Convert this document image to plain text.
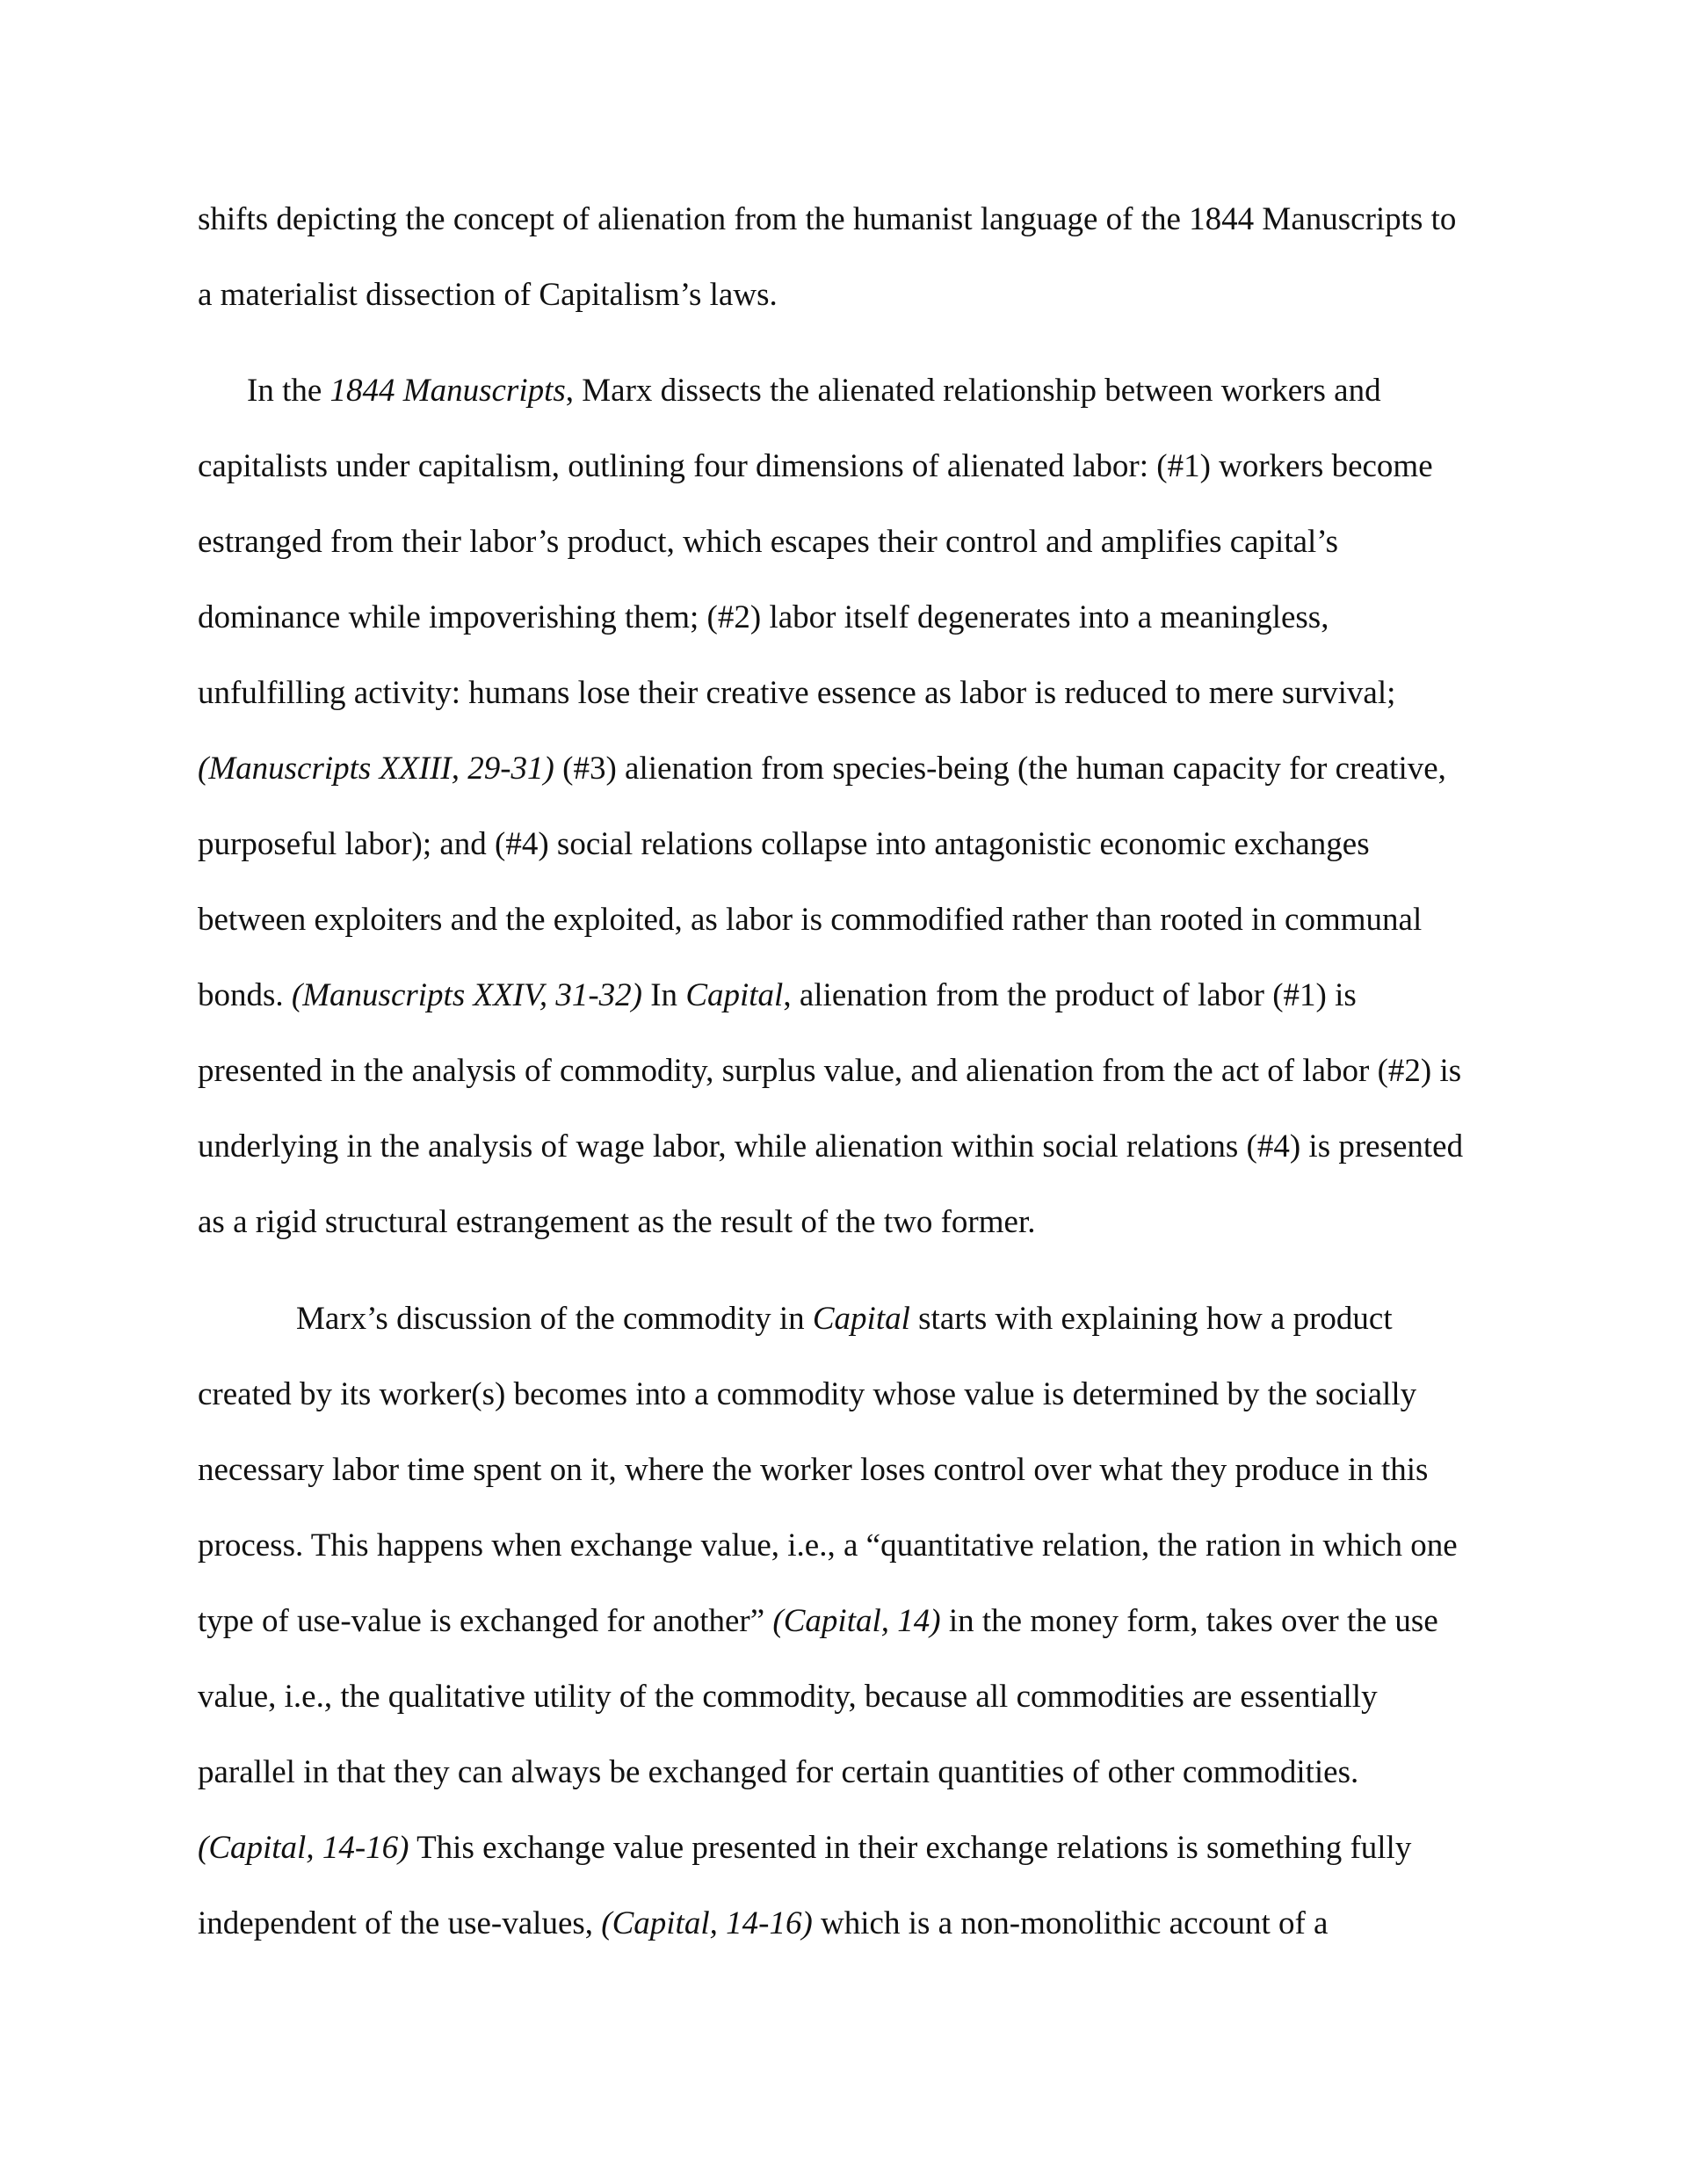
shifts depicting the concept of alienation from the humanist language of the 1844 Manuscripts to
a materialist dissection of Capitalism’s laws.
In the 1844 Manuscripts, Marx dissects the alienated relationship between workers and
capitalists under capitalism, outlining four dimensions of alienated labor: (#1) workers become
estranged from their labor’s product, which escapes their control and amplifies capital’s
dominance while impoverishing them; (#2) labor itself degenerates into a meaningless,
unfulfilling activity: humans lose their creative essence as labor is reduced to mere survival;
(Manuscripts XXIII, 29-31) (#3) alienation from species-being (the human capacity for creative,
purposeful labor); and (#4) social relations collapse into antagonistic economic exchanges
between exploiters and the exploited, as labor is commodified rather than rooted in communal
bonds. (Manuscripts XXIV, 31-32) In Capital, alienation from the product of labor (#1) is
presented in the analysis of commodity, surplus value, and alienation from the act of labor (#2) is
underlying in the analysis of wage labor, while alienation within social relations (#4) is presented
as a rigid structural estrangement as the result of the two former.
Marx’s discussion of the commodity in Capital starts with explaining how a product
created by its worker(s) becomes into a commodity whose value is determined by the socially
necessary labor time spent on it, where the worker loses control over what they produce in this
process. This happens when exchange value, i.e., a “quantitative relation, the ration in which one
type of use-value is exchanged for another” (Capital, 14) in the money form, takes over the use
value, i.e., the qualitative utility of the commodity, because all commodities are essentially
parallel in that they can always be exchanged for certain quantities of other commodities.
(Capital, 14-16) This exchange value presented in their exchange relations is something fully
independent of the use-values, (Capital, 14-16) which is a non-monolithic account of a
